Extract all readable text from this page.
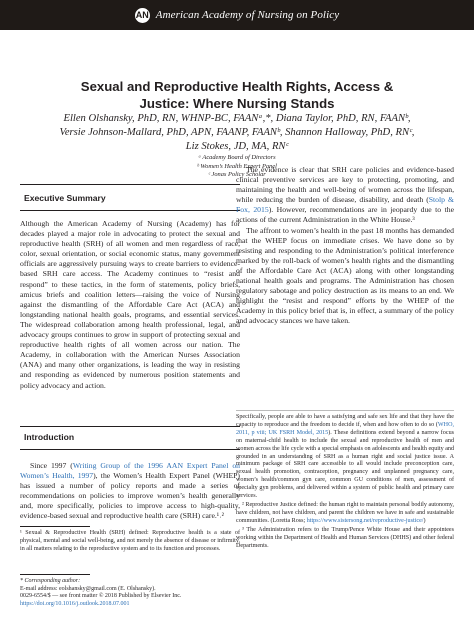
AN American Academy of Nursing on Policy
Sexual and Reproductive Health Rights, Access &
Justice: Where Nursing Stands
Ellen Olshansky, PhD, RN, WHNP-BC, FAANᵃ,*, Diana Taylor, PhD, RN, FAANᵇ,
Versie Johnson-Mallard, PhD, APN, FAANP, FAANᵇ, Shannon Halloway, PhD, RNᶜ,
Liz Stokes, JD, MA, RNᶜ
ᵃ Academy Board of Directors
ᵇ Women’s Health Expert Panel
ᶜ Jonas Policy Scholar
Executive Summary

Although the American Academy of Nursing (Academy) has for decades played a major role in advocating to protect the sexual and reproductive health (SRH) of all women and men regardless of race, color, sexual orientation, or social economic status, many government officials are aggressively pursuing ways to create barriers to evidence-based SRH care access. The Academy continues to “resist and respond” to these tactics, in the form of statements, policy briefs, amicus briefs and coalition letters—raising the voice of Nursing against the dismantling of the Affordable Care Act (ACA) and longstanding national health goals, programs, and essential services. The widespread collaboration among health professional, legal, and advocacy groups continues to grow in support of protecting sexual and reproductive health rights of all women across our nation. The Academy, in collaboration with the American Nurses Association (ANA) and many other organizations, is leading the way in resisting and responding as evidenced by numerous position statements and policy advocacy and action.

Introduction

Since 1997 (Writing Group of the 1996 AAN Expert Panel on Women’s Health, 1997), the Women’s Health Expert Panel (WHEP) has issued a number of policy reports and made a series of recommendations on policies to improve women’s health generally and, more specifically, policies to improve access to high-quality, evidence-based sexual and reproductive health care (SRH) care.¹˒²

¹ Sexual & Reproductive Health (SRH) defined: Reproductive health is a state of physical, mental and social well-being, and not merely the absence of disease or infirmity, in all matters relating to the reproductive system and to its function and processes.

* Corresponding author:

E-mail address: eolshansky@gmail.com (E. Olshansky).

0029-6554/$ — see front matter © 2018 Published by Elsevier Inc.

https://doi.org/10.1016/j.outlook.2018.07.001

The evidence is clear that SRH care policies and evidence-based clinical preventive services are key to protecting, promoting, and maintaining the health and well-being of women across the lifespan, while reducing the burden of disease, disability, and death (Stolp & Fox, 2015). However, recommendations are in jeopardy due to the actions of the current Administration in the White House.³

The affront to women’s health in the past 18 months has demanded that the WHEP focus on immediate crises. We have done so by resisting and responding to the Administration’s political interference marked by the roll-back of women’s health rights and the dismantling of the Affordable Care Act (ACA) along with other longstanding national health goals and programs. The Administration has chosen regulatory sabotage and policy destruction as its means to an end. We highlight the “resist and respond” efforts by the WHEP of the Academy in this policy brief that is, in effect, a summary of the policy and advocacy stances we have taken.

Specifically, people are able to have a satisfying and safe sex life and that they have the capacity to reproduce and the freedom to decide if, when and how often to do so (WHO, 2011, p viii; UK FSRH Model, 2015). These definitions extend beyond a narrow focus on maternal-child health to include the sexual and reproductive health of men and women across the life cycle with a special emphasis on adolescents and health equity and grounded in an understanding of SRH as a human right and social justice issue. A minimum package of SRH care accessible to all would include preconception care, sexual health promotion, contraception, pregnancy and unplanned pregnancy care, women’s health/common gyn care, common GU conditions of men, assessment of specialty gyn problems, and delivered within a system of public health and primary care services.

² Reproductive Justice defined: the human right to maintain personal bodily autonomy, have children, not have children, and parent the children we have in safe and sustainable communities. (Loretta Ross; https://www.sistersong.net/reproductive-justice/)

³ The Administration refers to the Trump/Pence White House and their appointees working within the Department of Health and Human Services (DHHS) and other federal Departments.
